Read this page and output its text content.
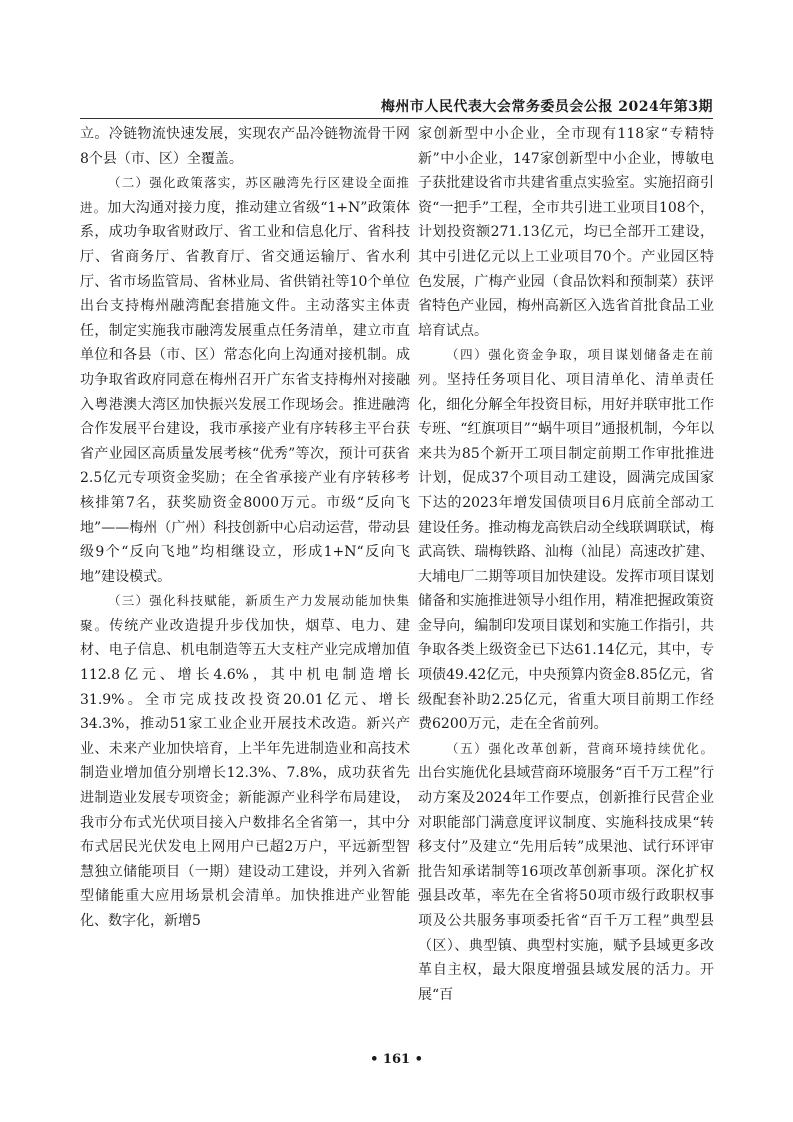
梅州市人民代表大会常务委员会公报 2024年第3期

立。冷链物流快速发展，实现农产品冷链物流骨干网8个县（市、区）全覆盖。

（二）强化政策落实，苏区融湾先行区建设全面推进。加大沟通对接力度，推动建立省级“1+N”政策体系，成功争取省财政厅、省工业和信息化厅、省科技厅、省商务厅、省教育厅、省交通运输厅、省水利厅、省市场监管局、省林业局、省供销社等10个单位出台支持梅州融湾配套措施文件。主动落实主体责任，制定实施我市融湾发展重点任务清单，建立市直单位和各县（市、区）常态化向上沟通对接机制。成功争取省政府同意在梅州召开广东省支持梅州对接融入粤港澳大湾区加快振兴发展工作现场会。推进融湾合作发展平台建设，我市承接产业有序转移主平台获省产业园区高质量发展考核“优秀”等次，预计可获省2.5亿元专项资金奖励；在全省承接产业有序转移考核排第7名，获奖励资金8000万元。市级“反向飞地”——梅州（广州）科技创新中心启动运营，带动县级9个“反向飞地”均相继设立，形成1+N“反向飞地”建设模式。

（三）强化科技赋能，新质生产力发展动能加快集聚。传统产业改造提升步伐加快，烟草、电力、建材、电子信息、机电制造等五大支柱产业完成增加值112.8亿元、增长4.6%，其中机电制造增长31.9%。全市完成技改投资20.01亿元、增长34.3%，推动51家工业企业开展技术改造。新兴产业、未来产业加快培育，上半年先进制造业和高技术制造业增加值分别增长12.3%、7.8%，成功获省先进制造业发展专项资金；新能源产业科学布局建设，我市分布式光伏项目接入户数排名全省第一，其中分布式居民光伏发电上网用户已超2万户，平远新型智慧独立储能项目（一期）建设动工建设，并列入省新型储能重大应用场景机会清单。加快推进产业智能化、数字化，新增5

家创新型中小企业，全市现有118家“专精特新”中小企业，147家创新型中小企业，博敏电子获批建设省市共建省重点实验室。实施招商引资“一把手”工程，全市共引进工业项目108个，计划投资额271.13亿元，均已全部开工建设，其中引进亿元以上工业项目70个。产业园区特色发展，广梅产业园（食品饮料和预制菜）获评省特色产业园，梅州高新区入选省首批食品工业培育试点。

（四）强化资金争取，项目谋划储备走在前列。坚持任务项目化、项目清单化、清单责任化，细化分解全年投资目标，用好并联审批工作专班、“红旗项目”“蜗牛项目”通报机制，今年以来共为85个新开工项目制定前期工作审批推进计划，促成37个项目动工建设，圆满完成国家下达的2023年增发国债项目6月底前全部动工建设任务。推动梅龙高铁启动全线联调联试，梅武高铁、瑞梅铁路、汕梅（汕昆）高速改扩建、大埔电厂二期等项目加快建设。发挥市项目谋划储备和实施推进领导小组作用，精准把握政策资金导向，编制印发项目谋划和实施工作指引，共争取各类上级资金已下达61.14亿元，其中，专项债49.42亿元，中央预算内资金8.85亿元，省级配套补助2.25亿元，省重大项目前期工作经费6200万元，走在全省前列。

（五）强化改革创新，营商环境持续优化。出台实施优化县域营商环境服务“百千万工程”行动方案及2024年工作要点，创新推行民营企业对职能部门满意度评议制度、实施科技成果“转移支付”及建立“先用后转”成果池、试行环评审批告知承诺制等16项改革创新事项。深化扩权强县改革，率先在全省将50项市级行政职权事项及公共服务事项委托省“百千万工程”典型县（区）、典型镇、典型村实施，赋予县域更多改革自主权，最大限度增强县域发展的活力。开展“百

• 161 •
